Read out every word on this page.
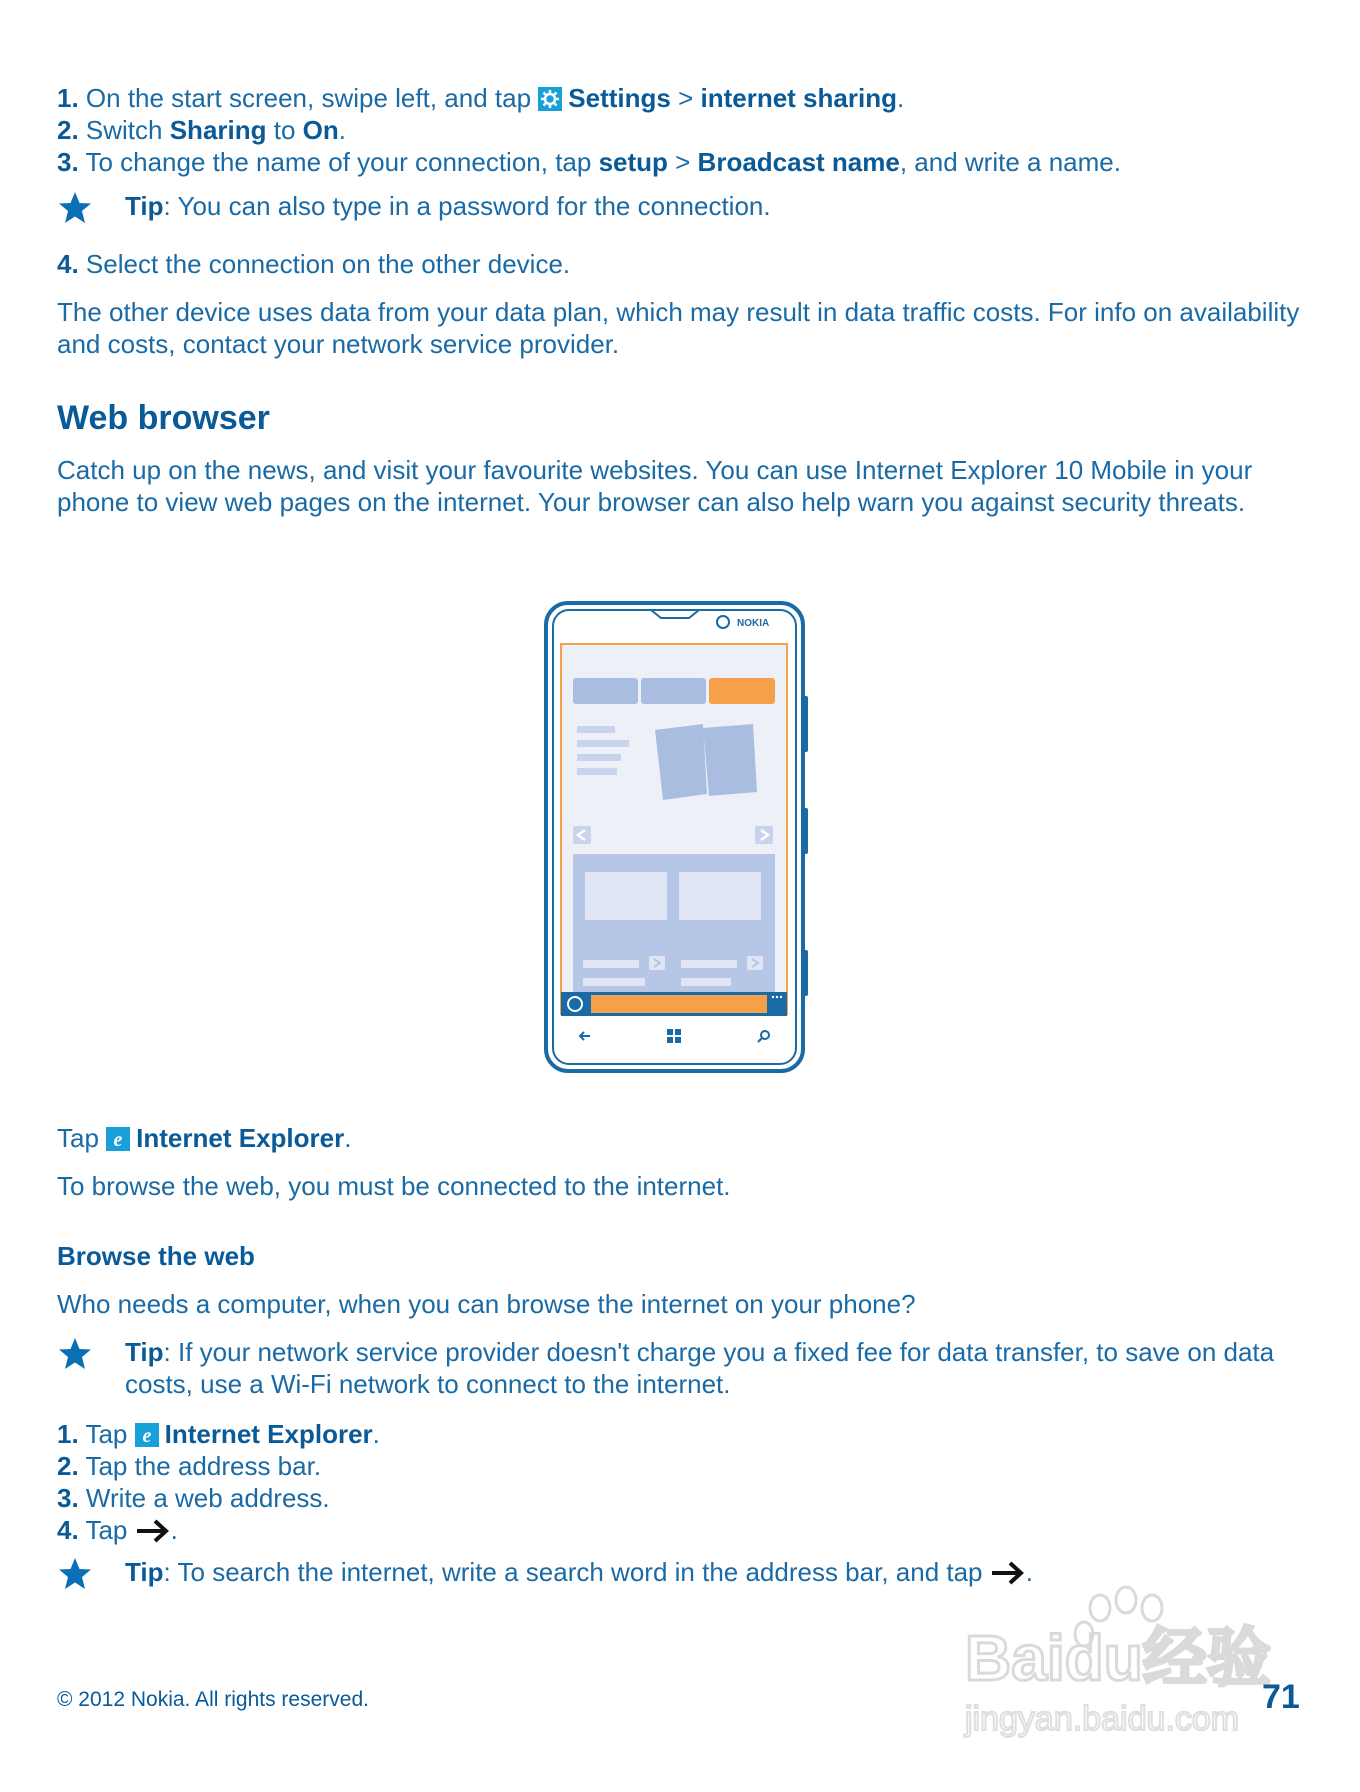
1. On the start screen, swipe left, and tap Settings > internet sharing.
2. Switch Sharing to On.
3. To change the name of your connection, tap setup > Broadcast name, and write a name.
Tip: You can also type in a password for the connection.
4. Select the connection on the other device.
The other device uses data from your data plan, which may result in data traffic costs. For info on availability and costs, contact your network service provider.
Web browser
Catch up on the news, and visit your favourite websites. You can use Internet Explorer 10 Mobile in your phone to view web pages on the internet. Your browser can also help warn you against security threats.
NOKIA
Tap e Internet Explorer.
To browse the web, you must be connected to the internet.
Browse the web
Who needs a computer, when you can browse the internet on your phone?
Tip: If your network service provider doesn't charge you a fixed fee for data transfer, to save on data costs, use a Wi-Fi network to connect to the internet.
1. Tap e Internet Explorer.
2. Tap the address bar.
3. Write a web address.
4. Tap .
Tip: To search the internet, write a search word in the address bar, and tap .
Baidu经验
jingyan.baidu.com
© 2012 Nokia. All rights reserved.	71
